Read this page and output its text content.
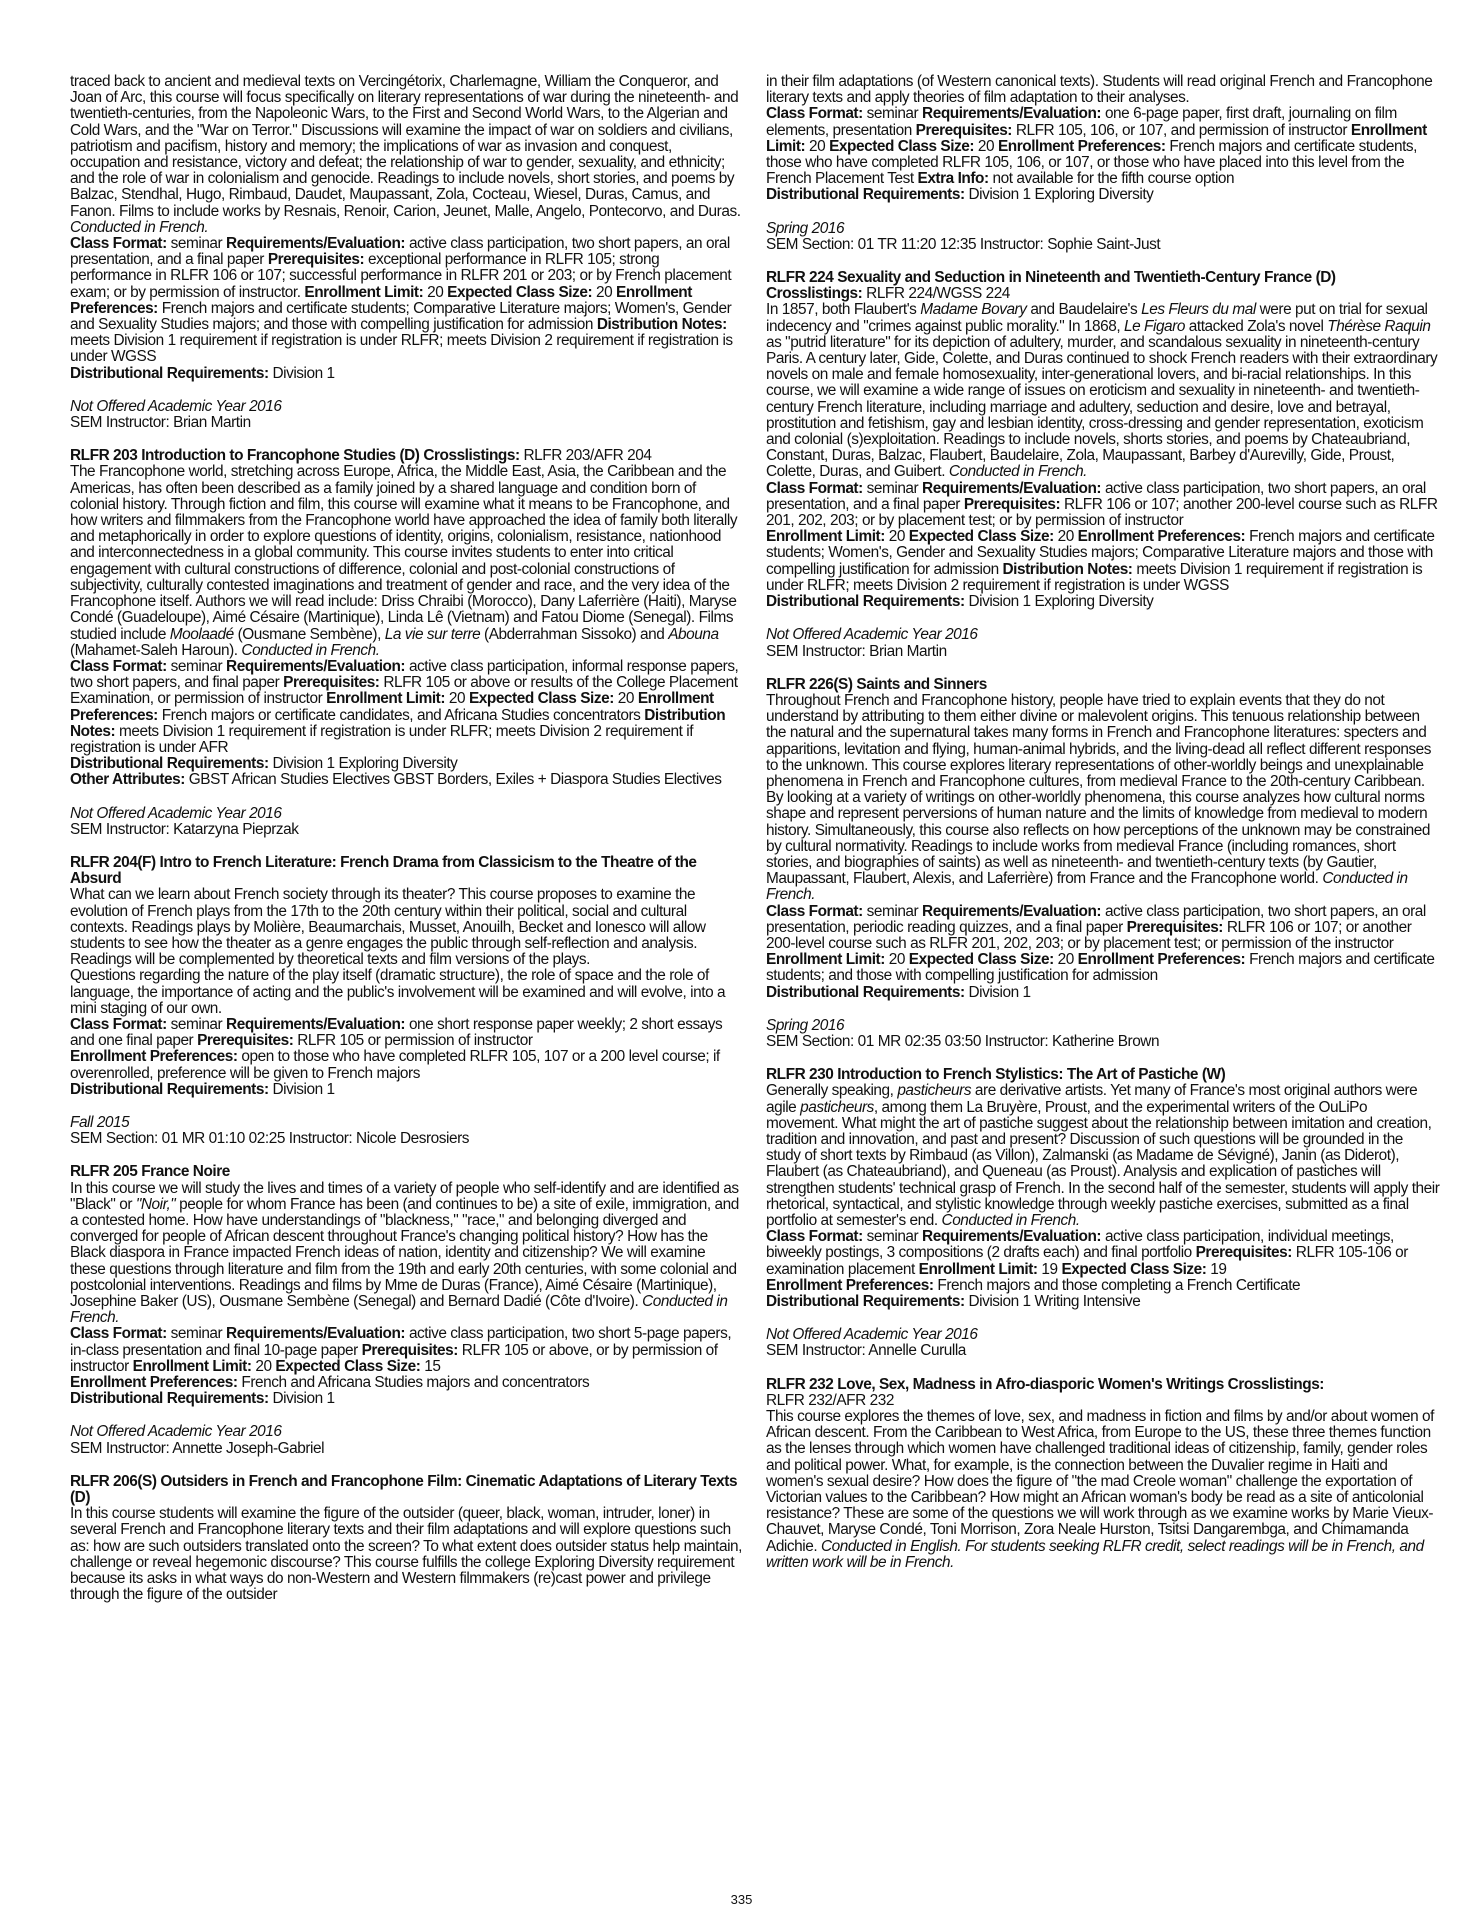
traced back to ancient and medieval texts on Vercingétorix, Charlemagne, William the Conqueror, and Joan of Arc, this course will focus specifically on literary representations of war during the nineteenth- and twentieth-centuries, from the Napoleonic Wars, to the First and Second World Wars, to the Algerian and Cold Wars, and the "War on Terror." Discussions will examine the impact of war on soldiers and civilians, patriotism and pacifism, history and memory; the implications of war as invasion and conquest, occupation and resistance, victory and defeat; the relationship of war to gender, sexuality, and ethnicity; and the role of war in colonialism and genocide. Readings to include novels, short stories, and poems by Balzac, Stendhal, Hugo, Rimbaud, Daudet, Maupassant, Zola, Cocteau, Wiesel, Duras, Camus, and Fanon. Films to include works by Resnais, Renoir, Carion, Jeunet, Malle, Angelo, Pontecorvo, and Duras. Conducted in French.
Class Format: seminar Requirements/Evaluation: active class participation, two short papers, an oral presentation, and a final paper Prerequisites: exceptional performance in RLFR 105; strong performance in RLFR 106 or 107; successful performance in RLFR 201 or 203; or by French placement exam; or by permission of instructor. Enrollment Limit: 20 Expected Class Size: 20 Enrollment Preferences: French majors and certificate students; Comparative Literature majors; Women's, Gender and Sexuality Studies majors; and those with compelling justification for admission Distribution Notes: meets Division 1 requirement if registration is under RLFR; meets Division 2 requirement if registration is under WGSS
Distributional Requirements: Division 1

Not Offered Academic Year 2016

SEM Instructor: Brian Martin

RLFR 203 Introduction to Francophone Studies (D) Crosslistings: RLFR 203/AFR 204
The Francophone world, stretching across Europe, Africa, the Middle East, Asia, the Caribbean and the Americas, has often been described as a family joined by a shared language and condition born of colonial history. Through fiction and film, this course will examine what it means to be Francophone, and how writers and filmmakers from the Francophone world have approached the idea of family both literally and metaphorically in order to explore questions of identity, origins, colonialism, resistance, nationhood and interconnectedness in a global community. This course invites students to enter into critical engagement with cultural constructions of difference, colonial and post-colonial constructions of subjectivity, culturally contested imaginations and treatment of gender and race, and the very idea of the Francophone itself. Authors we will read include: Driss Chraibi (Morocco), Dany Laferrière (Haiti), Maryse Condé (Guadeloupe), Aimé Césaire (Martinique), Linda Lê (Vietnam) and Fatou Diome (Senegal). Films studied include Moolaadé (Ousmane Sembène), La vie sur terre (Abderrahman Sissoko) and Abouna (Mahamet-Saleh Haroun). Conducted in French.
Class Format: seminar Requirements/Evaluation: active class participation, informal response papers, two short papers, and final paper Prerequisites: RLFR 105 or above or results of the College Placement Examination, or permission of instructor Enrollment Limit: 20 Expected Class Size: 20 Enrollment Preferences: French majors or certificate candidates, and Africana Studies concentrators Distribution Notes: meets Division 1 requirement if registration is under RLFR; meets Division 2 requirement if registration is under AFR
Distributional Requirements: Division 1 Exploring Diversity
Other Attributes: GBST African Studies Electives GBST Borders, Exiles + Diaspora Studies Electives

Not Offered Academic Year 2016

SEM Instructor: Katarzyna Pieprzak

RLFR 204(F) Intro to French Literature: French Drama from Classicism to the Theatre of the Absurd
What can we learn about French society through its theater? This course proposes to examine the evolution of French plays from the 17th to the 20th century within their political, social and cultural contexts. Readings plays by Molière, Beaumarchais, Musset, Anouilh, Becket and Ionesco will allow students to see how the theater as a genre engages the public through self-reflection and analysis. Readings will be complemented by theoretical texts and film versions of the plays.
Questions regarding the nature of the play itself (dramatic structure), the role of space and the role of language, the importance of acting and the public's involvement will be examined and will evolve, into a mini staging of our own.
Class Format: seminar Requirements/Evaluation: one short response paper weekly; 2 short essays and one final paper Prerequisites: RLFR 105 or permission of instructor
Enrollment Preferences: open to those who have completed RLFR 105, 107 or a 200 level course; if overenrolled, preference will be given to French majors
Distributional Requirements: Division 1

Fall 2015

SEM Section: 01 MR 01:10 02:25 Instructor: Nicole Desrosiers

RLFR 205 France Noire
In this course we will study the lives and times of a variety of people who self-identify and are identified as "Black" or "Noir," people for whom France has been (and continues to be) a site of exile, immigration, and a contested home. How have understandings of "blackness," "race," and belonging diverged and converged for people of African descent throughout France's changing political history? How has the Black diaspora in France impacted French ideas of nation, identity and citizenship? We will examine these questions through literature and film from the 19th and early 20th centuries, with some colonial and postcolonial interventions. Readings and films by Mme de Duras (France), Aimé Césaire (Martinique), Josephine Baker (US), Ousmane Sembène (Senegal) and Bernard Dadié (Côte d'Ivoire). Conducted in French.
Class Format: seminar Requirements/Evaluation: active class participation, two short 5-page papers, in-class presentation and final 10-page paper Prerequisites: RLFR 105 or above, or by permission of instructor Enrollment Limit: 20 Expected Class Size: 15
Enrollment Preferences: French and Africana Studies majors and concentrators
Distributional Requirements: Division 1

Not Offered Academic Year 2016

SEM Instructor: Annette Joseph-Gabriel

RLFR 206(S) Outsiders in French and Francophone Film: Cinematic Adaptations of Literary Texts (D)
In this course students will examine the figure of the outsider (queer, black, woman, intruder, loner) in several French and Francophone literary texts and their film adaptations and will explore questions such as: how are such outsiders translated onto the screen? To what extent does outsider status help maintain, challenge or reveal hegemonic discourse? This course fulfills the college Exploring Diversity requirement because its asks in what ways do non-Western and Western filmmakers (re)cast power and privilege through the figure of the outsider

in their film adaptations (of Western canonical texts). Students will read original French and Francophone literary texts and apply theories of film adaptation to their analyses.
Class Format: seminar Requirements/Evaluation: one 6-page paper, first draft, journaling on film elements, presentation Prerequisites: RLFR 105, 106, or 107, and permission of instructor Enrollment Limit: 20 Expected Class Size: 20 Enrollment Preferences: French majors and certificate students, those who have completed RLFR 105, 106, or 107, or those who have placed into this level from the French Placement Test Extra Info: not available for the fifth course option
Distributional Requirements: Division 1 Exploring Diversity

Spring 2016

SEM Section: 01 TR 11:20 12:35 Instructor: Sophie Saint-Just

RLFR 224 Sexuality and Seduction in Nineteenth and Twentieth-Century France (D)
Crosslistings: RLFR 224/WGSS 224
In 1857, both Flaubert's Madame Bovary and Baudelaire's Les Fleurs du mal were put on trial for sexual indecency and "crimes against public morality." In 1868, Le Figaro attacked Zola's novel Thérèse Raquin as "putrid literature" for its depiction of adultery, murder, and scandalous sexuality in nineteenth-century Paris. A century later, Gide, Colette, and Duras continued to shock French readers with their extraordinary novels on male and female homosexuality, inter-generational lovers, and bi-racial relationships. In this course, we will examine a wide range of issues on eroticism and sexuality in nineteenth- and twentieth- century French literature, including marriage and adultery, seduction and desire, love and betrayal, prostitution and fetishism, gay and lesbian identity, cross-dressing and gender representation, exoticism and colonial (s)exploitation. Readings to include novels, shorts stories, and poems by Chateaubriand, Constant, Duras, Balzac, Flaubert, Baudelaire, Zola, Maupassant, Barbey d'Aurevilly, Gide, Proust, Colette, Duras, and Guibert. Conducted in French.
Class Format: seminar Requirements/Evaluation: active class participation, two short papers, an oral presentation, and a final paper Prerequisites: RLFR 106 or 107; another 200-level course such as RLFR 201, 202, 203; or by placement test; or by permission of instructor
Enrollment Limit: 20 Expected Class Size: 20 Enrollment Preferences: French majors and certificate students; Women's, Gender and Sexuality Studies majors; Comparative Literature majors and those with compelling justification for admission Distribution Notes: meets Division 1 requirement if registration is under RLFR; meets Division 2 requirement if registration is under WGSS
Distributional Requirements: Division 1 Exploring Diversity

Not Offered Academic Year 2016

SEM Instructor: Brian Martin

RLFR 226(S) Saints and Sinners
Throughout French and Francophone history, people have tried to explain events that they do not understand by attributing to them either divine or malevolent origins. This tenuous relationship between the natural and the supernatural takes many forms in French and Francophone literatures: specters and apparitions, levitation and flying, human-animal hybrids, and the living-dead all reflect different responses to the unknown. This course explores literary representations of other-worldly beings and unexplainable phenomena in French and Francophone cultures, from medieval France to the 20th-century Caribbean. By looking at a variety of writings on other-worldly phenomena, this course analyzes how cultural norms shape and represent perversions of human nature and the limits of knowledge from medieval to modern history. Simultaneously, this course also reflects on how perceptions of the unknown may be constrained by cultural normativity. Readings to include works from medieval France (including romances, short stories, and biographies of saints) as well as nineteenth- and twentieth-century texts (by Gautier, Maupassant, Flaubert, Alexis, and Laferrière) from France and the Francophone world. Conducted in French.
Class Format: seminar Requirements/Evaluation: active class participation, two short papers, an oral presentation, periodic reading quizzes, and a final paper Prerequisites: RLFR 106 or 107; or another 200-level course such as RLFR 201, 202, 203; or by placement test; or permission of the instructor Enrollment Limit: 20 Expected Class Size: 20 Enrollment Preferences: French majors and certificate students; and those with compelling justification for admission
Distributional Requirements: Division 1

Spring 2016

SEM Section: 01 MR 02:35 03:50 Instructor: Katherine Brown

RLFR 230 Introduction to French Stylistics: The Art of Pastiche (W)
Generally speaking, pasticheurs are derivative artists. Yet many of France's most original authors were agile pasticheurs, among them La Bruyère, Proust, and the experimental writers of the OuLiPo movement. What might the art of pastiche suggest about the relationship between imitation and creation, tradition and innovation, and past and present? Discussion of such questions will be grounded in the study of short texts by Rimbaud (as Villon), Zalmanski (as Madame de Sévigné), Janin (as Diderot), Flaubert (as Chateaubriand), and Queneau (as Proust). Analysis and explication of pastiches will strengthen students' technical grasp of French. In the second half of the semester, students will apply their rhetorical, syntactical, and stylistic knowledge through weekly pastiche exercises, submitted as a final portfolio at semester's end. Conducted in French.
Class Format: seminar Requirements/Evaluation: active class participation, individual meetings, biweekly postings, 3 compositions (2 drafts each) and final portfolio Prerequisites: RLFR 105-106 or examination placement Enrollment Limit: 19 Expected Class Size: 19
Enrollment Preferences: French majors and those completing a French Certificate
Distributional Requirements: Division 1 Writing Intensive

Not Offered Academic Year 2016

SEM Instructor: Annelle Curulla

RLFR 232 Love, Sex, Madness in Afro-diasporic Women's Writings Crosslistings:
RLFR 232/AFR 232
This course explores the themes of love, sex, and madness in fiction and films by and/or about women of African descent. From the Caribbean to West Africa, from Europe to the US, these three themes function as the lenses through which women have challenged traditional ideas of citizenship, family, gender roles and political power. What, for example, is the connection between the Duvalier regime in Haiti and women's sexual desire? How does the figure of "the mad Creole woman" challenge the exportation of Victorian values to the Caribbean? How might an African woman's body be read as a site of anticolonial resistance? These are some of the questions we will work through as we examine works by Marie Vieux-Chauvet, Maryse Condé, Toni Morrison, Zora Neale Hurston, Tsitsi Dangarembga, and Chimamanda Adichie. Conducted in English. For students seeking RLFR credit, select readings will be in French, and written work will be in French.

335
